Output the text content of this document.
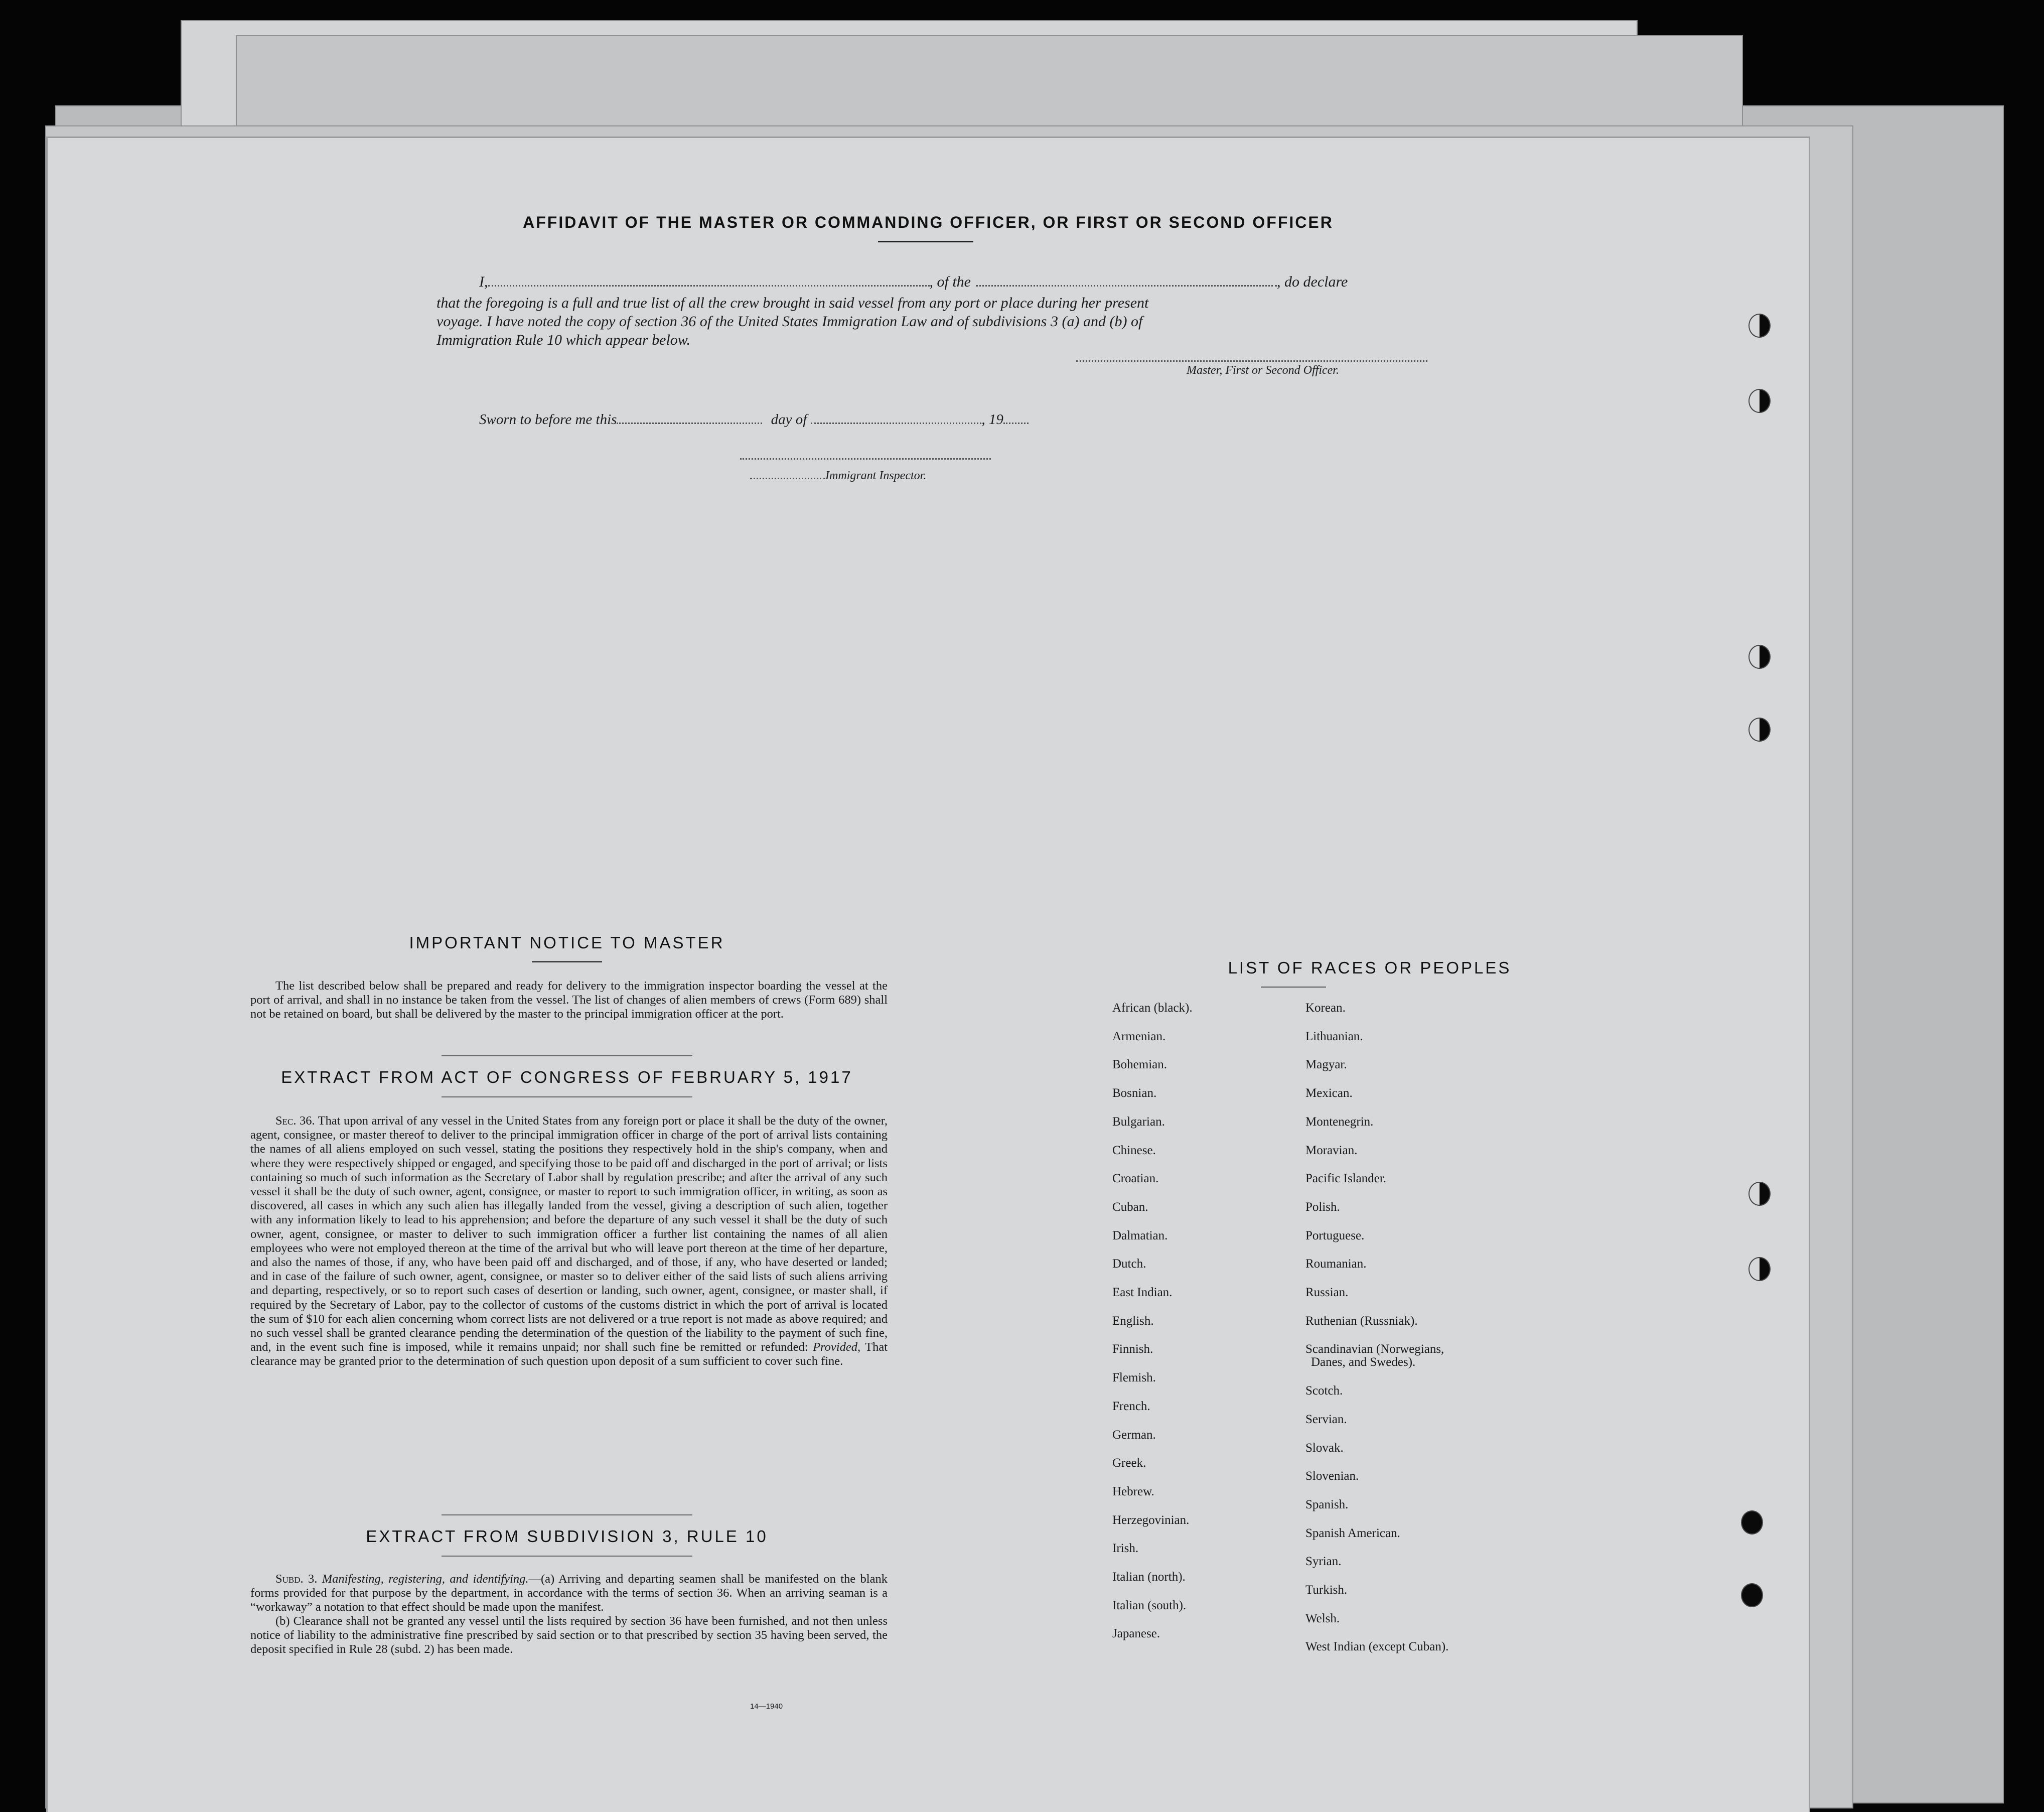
AFFIDAVIT OF THE MASTER OR COMMANDING OFFICER, OR FIRST OR SECOND OFFICER
I,	, of the	, do declare
that the foregoing is a full and true list of all the crew brought in said vessel from any port or place during her present
voyage. I have noted the copy of section 36 of the United States Immigration Law and of subdivisions 3 (a) and (b) of
Immigration Rule 10 which appear below.
Master, First or Second Officer.
Sworn to before me this	day of	, 19
Immigrant Inspector.
IMPORTANT NOTICE TO MASTER
The list described below shall be prepared and ready for delivery to the immigration inspector boarding the vessel at the port of arrival, and shall in no instance be taken from the vessel. The list of changes of alien members of crews (Form 689) shall not be retained on board, but shall be delivered by the master to the principal immigration officer at the port.
EXTRACT FROM ACT OF CONGRESS OF FEBRUARY 5, 1917
Sec. 36. That upon arrival of any vessel in the United States from any foreign port or place it shall be the duty of the owner, agent, consignee, or master thereof to deliver to the principal immigration officer in charge of the port of arrival lists containing the names of all aliens employed on such vessel, stating the positions they respectively hold in the ship's company, when and where they were respectively shipped or engaged, and specifying those to be paid off and discharged in the port of arrival; or lists containing so much of such information as the Secretary of Labor shall by regulation prescribe; and after the arrival of any such vessel it shall be the duty of such owner, agent, consignee, or master to report to such immigration officer, in writing, as soon as discovered, all cases in which any such alien has illegally landed from the vessel, giving a description of such alien, together with any information likely to lead to his apprehension; and before the departure of any such vessel it shall be the duty of such owner, agent, consignee, or master to deliver to such immigration officer a further list containing the names of all alien employees who were not employed thereon at the time of the arrival but who will leave port thereon at the time of her departure, and also the names of those, if any, who have been paid off and discharged, and of those, if any, who have deserted or landed; and in case of the failure of such owner, agent, consignee, or master so to deliver either of the said lists of such aliens arriving and departing, respectively, or so to report such cases of desertion or landing, such owner, agent, consignee, or master shall, if required by the Secretary of Labor, pay to the collector of customs of the customs district in which the port of arrival is located the sum of $10 for each alien concerning whom correct lists are not delivered or a true report is not made as above required; and no such vessel shall be granted clearance pending the determination of the question of the liability to the payment of such fine, and, in the event such fine is imposed, while it remains unpaid; nor shall such fine be remitted or refunded: Provided, That clearance may be granted prior to the determination of such question upon deposit of a sum sufficient to cover such fine.
EXTRACT FROM SUBDIVISION 3, RULE 10
Subd. 3. Manifesting, registering, and identifying.—(a) Arriving and departing seamen shall be manifested on the blank forms provided for that purpose by the department, in accordance with the terms of section 36. When an arriving seaman is a “workaway” a notation to that effect should be made upon the manifest.
(b) Clearance shall not be granted any vessel until the lists required by section 36 have been furnished, and not then unless notice of liability to the administrative fine prescribed by said section or to that prescribed by section 35 having been served, the deposit specified in Rule 28 (subd. 2) has been made.
14—1940
LIST OF RACES OR PEOPLES
African (black).
Armenian.
Bohemian.
Bosnian.
Bulgarian.
Chinese.
Croatian.
Cuban.
Dalmatian.
Dutch.
East Indian.
English.
Finnish.
Flemish.
French.
German.
Greek.
Hebrew.
Herzegovinian.
Irish.
Italian (north).
Italian (south).
Japanese.
Korean.
Lithuanian.
Magyar.
Mexican.
Montenegrin.
Moravian.
Pacific Islander.
Polish.
Portuguese.
Roumanian.
Russian.
Ruthenian (Russniak).
Scandinavian (Norwegians,
Danes, and Swedes).
Scotch.
Servian.
Slovak.
Slovenian.
Spanish.
Spanish American.
Syrian.
Turkish.
Welsh.
West Indian (except Cuban).
